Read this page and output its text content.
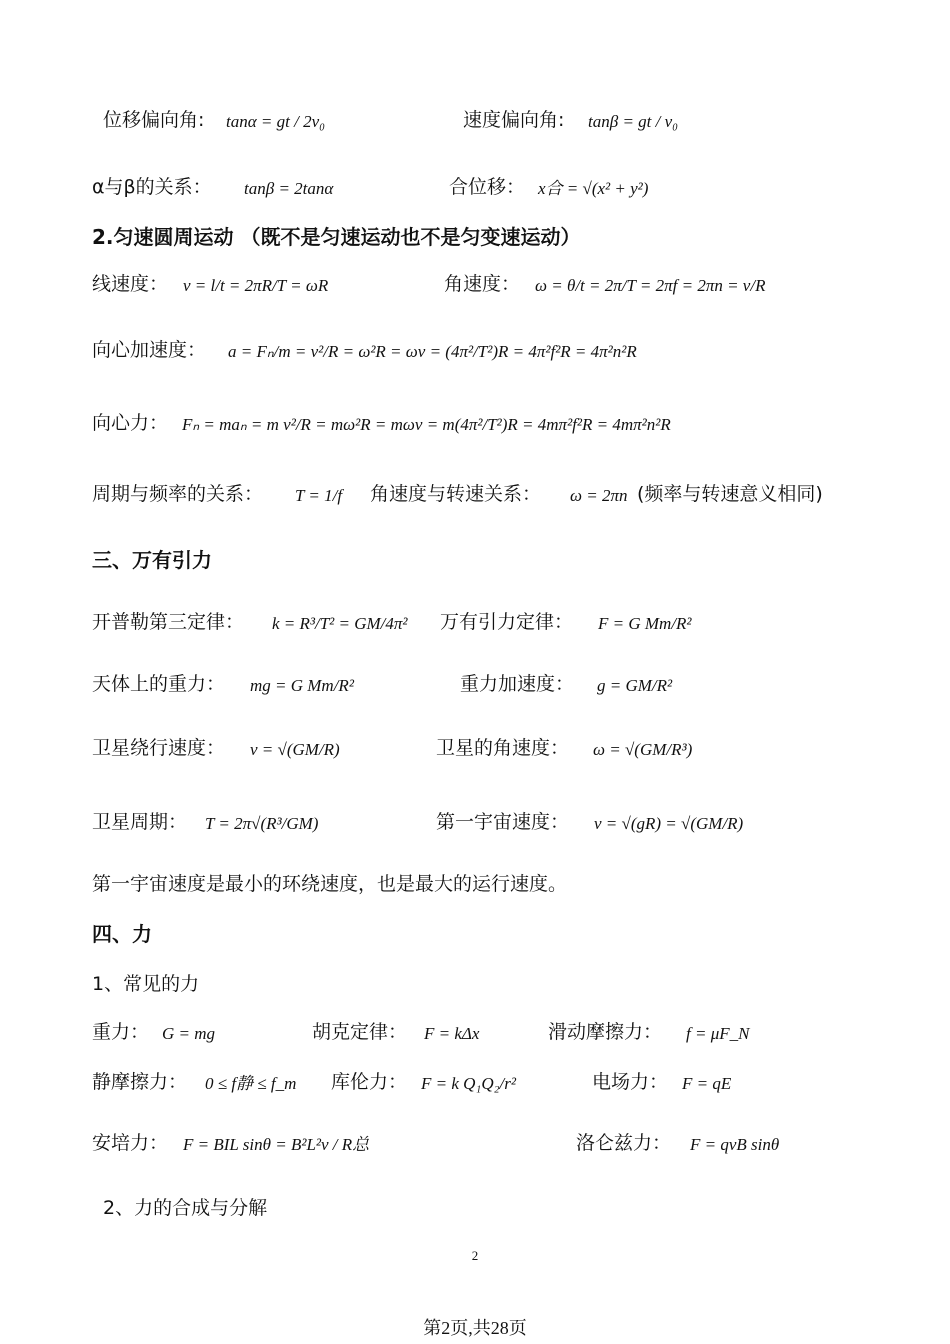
位移偏向角: tanα = gt / 2v₀	速度偏向角: tanβ = gt / v₀
α与β的关系： tanβ = 2tanα	合位移： x合 = √(x² + y²)
2.匀速圆周运动 （既不是匀速运动也不是匀变速运动）
线速度： v = l/t = 2πR/T = ωR	角速度： ω = θ/t = 2π/T = 2πf = 2πn = v/R
向心加速度： a = Fₙ/m = v²/R = ω²R = ωv = (4π²/T²)R = 4π²f²R = 4π²n²R
向心力： Fₙ = maₙ = m v²/R = mω²R = mωv = m(4π²/T²)R = 4mπ²f²R = 4mπ²n²R
周期与频率的关系： T = 1/f 角速度与转速关系： ω = 2πn (频率与转速意义相同)
三、万有引力
开普勒第三定律： k = R³/T² = GM/4π² 万有引力定律： F = G Mm/R²
天体上的重力： mg = G Mm/R²	重力加速度： g = GM/R²
卫星绕行速度： v = √(GM/R)	卫星的角速度： ω = √(GM/R³)
卫星周期： T = 2π√(R³/GM)	第一宇宙速度： v = √(gR) = √(GM/R)
第一宇宙速度是最小的环绕速度，也是最大的运行速度。
四、力
1、常见的力
重力： G = mg	胡克定律： F = kΔx	滑动摩擦力： f = μF_N
静摩擦力： 0 ≤ f静 ≤ f_m 库伦力： F = k Q₁Q₂/r²	电场力： F = qE
安培力： F = BIL sinθ = B²L²v / R总	洛仑兹力： F = qvB sinθ
2、力的合成与分解
2
第2页,共28页
